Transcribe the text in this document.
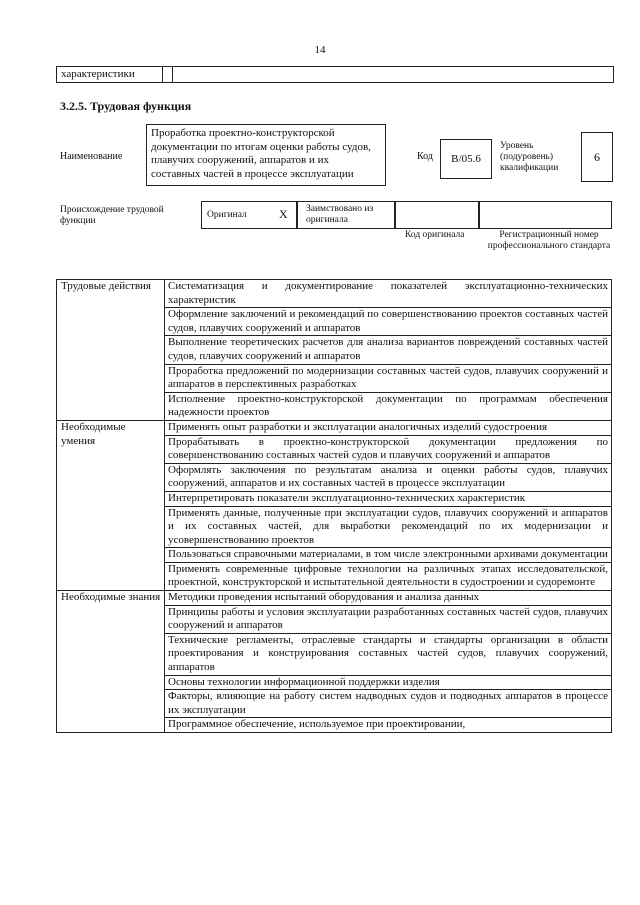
14
характеристики
3.2.5. Трудовая функция
Наименование
Проработка проектно-конструкторской документации по итогам оценки работы судов, плавучих сооружений, аппаратов и их составных частей в процессе эксплуатации
Код	B/05.6
Уровень (подуровень) квалификации
6
Происхождение трудовой функции
Оригинал	X Заимствовано из оригинала
Код оригинала	Регистрационный номер профессионального стандарта
Трудовые действия	Систематизация и документирование показателей эксплуатационно-технических характеристик
	Оформление заключений и рекомендаций по совершенствованию проектов составных частей судов, плавучих сооружений и аппаратов
	Выполнение теоретических расчетов для анализа вариантов повреждений составных частей судов, плавучих сооружений и аппаратов
	Проработка предложений по модернизации составных частей судов, плавучих сооружений и аппаратов в перспективных разработках
	Исполнение проектно-конструкторской документации по программам обеспечения надежности проектов
Необходимые умения	Применять опыт разработки и эксплуатации аналогичных изделий судостроения
	Прорабатывать в проектно-конструкторской документации предложения по совершенствованию составных частей судов и плавучих сооружений и аппаратов
	Оформлять заключения по результатам анализа и оценки работы судов, плавучих сооружений, аппаратов и их составных частей в процессе эксплуатации
	Интерпретировать показатели эксплуатационно-технических характеристик
	Применять данные, полученные при эксплуатации судов, плавучих сооружений и аппаратов и их составных частей, для выработки рекомендаций по их модернизации и усовершенствованию проектов
	Пользоваться справочными материалами, в том числе электронными архивами документации
	Применять современные цифровые технологии на различных этапах исследовательской, проектной, конструкторской и испытательной деятельности в судостроении и судоремонте
Необходимые знания	Методики проведения испытаний оборудования и анализа данных
	Принципы работы и условия эксплуатации разработанных составных частей судов, плавучих сооружений и аппаратов
	Технические регламенты, отраслевые стандарты и стандарты организации в области проектирования и конструирования составных частей судов, плавучих сооружений, аппаратов
	Основы технологии информационной поддержки изделия
	Факторы, влияющие на работу систем надводных судов и подводных аппаратов в процессе их эксплуатации
	Программное обеспечение, используемое при проектировании,
